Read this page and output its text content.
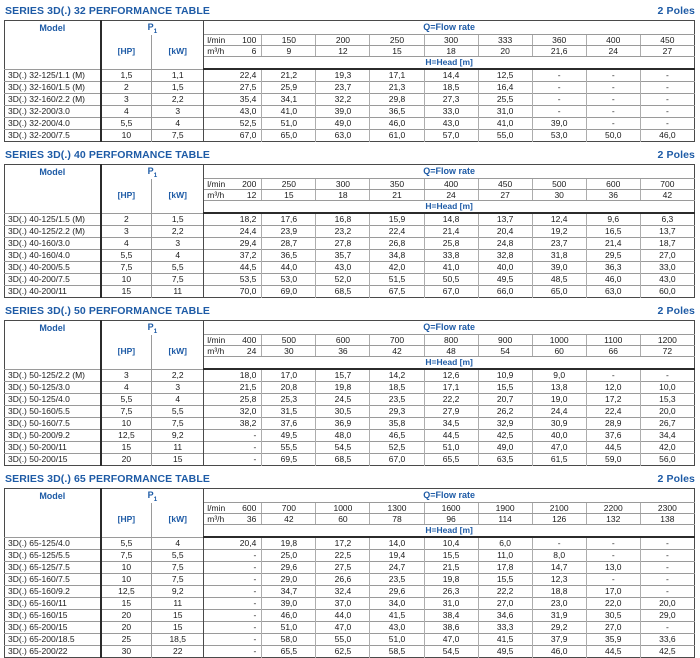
SERIES 3D(.) 32 PERFORMANCE TABLE	2 Poles
Model	$P_1$		Q=Flow rate								
	[HP]	[kW]	l/min 100	150	200	250	300	333	360	400	450

			m³/h 6	9	12	15	18	20	21,6	24	27
			H=Head [m]								
3D(.) 32-125/1.1 (M)	1,5	1,1	22,4	21,2	19,3	17,1	14,4	12,5	-	-	-
3D(.) 32-160/1.5 (M)	2	1,5	27,5	25,9	23,7	21,3	18,5	16,4	-	-	-
3D(.) 32-160/2.2 (M)	3	2,2	35,4	34,1	32,2	29,8	27,3	25,5	-	-	-
3D(.) 32-200/3.0	4	3	43,0	41,0	39,0	36,5	33,0	31,0	-	-	-
3D(.) 32-200/4.0	5,5	4	52,5	51,0	49,0	46,0	43,0	41,0	39,0	-	-
3D(.) 32-200/7.5	10	7,5	67,0	65,0	63,0	61,0	57,0	55,0	53,0	50,0	46,0
SERIES 3D(.) 40 PERFORMANCE TABLE	2 Poles
Model	$P_1$		Q=Flow rate								
	[HP]	[kW]	l/min 200	250	300	350	400	450	500	600	700

			m³/h 12	15	18	21	24	27	30	36	42
			H=Head [m]								
3D(.) 40-125/1.5 (M)	2	1,5	18,2	17,6	16,8	15,9	14,8	13,7	12,4	9,6	6,3
3D(.) 40-125/2.2 (M)	3	2,2	24,4	23,9	23,2	22,4	21,4	20,4	19,2	16,5	13,7
3D(.) 40-160/3.0	4	3	29,4	28,7	27,8	26,8	25,8	24,8	23,7	21,4	18,7
3D(.) 40-160/4.0	5,5	4	37,2	36,5	35,7	34,8	33,8	32,8	31,8	29,5	27,0
3D(.) 40-200/5.5	7,5	5,5	44,5	44,0	43,0	42,0	41,0	40,0	39,0	36,3	33,0
3D(.) 40-200/7.5	10	7,5	53,5	53,0	52,0	51,5	50,5	49,5	48,5	46,0	43,0
3D(.) 40-200/11	15	11	70,0	69,0	68,5	67,5	67,0	66,0	65,0	63,0	60,0
SERIES 3D(.) 50 PERFORMANCE TABLE	2 Poles
Model	$P_1$		Q=Flow rate								
	[HP]	[kW]	l/min 400	500	600	700	800	900	1000	1100	1200

			m³/h 24	30	36	42	48	54	60	66	72
			H=Head [m]								
3D(.) 50-125/2.2 (M)	3	2,2	18,0	17,0	15,7	14,2	12,6	10,9	9,0	-	-
3D(.) 50-125/3.0	4	3	21,5	20,8	19,8	18,5	17,1	15,5	13,8	12,0	10,0
3D(.) 50-125/4.0	5,5	4	25,8	25,3	24,5	23,5	22,2	20,7	19,0	17,2	15,3
3D(.) 50-160/5.5	7,5	5,5	32,0	31,5	30,5	29,3	27,9	26,2	24,4	22,4	20,0
3D(.) 50-160/7.5	10	7,5	38,2	37,6	36,9	35,8	34,5	32,9	30,9	28,9	26,7
3D(.) 50-200/9.2	12,5	9,2	-	49,5	48,0	46,5	44,5	42,5	40,0	37,6	34,4
3D(.) 50-200/11	15	11	-	55,5	54,5	52,5	51,0	49,0	47,0	44,5	42,0
3D(.) 50-200/15	20	15	-	69,5	68,5	67,0	65,5	63,5	61,5	59,0	56,0
SERIES 3D(.) 65 PERFORMANCE TABLE	2 Poles
Model	$P_1$		Q=Flow rate								
	[HP]	[kW]	l/min 600	700	1000	1300	1600	1900	2100	2200	2300

			m³/h 36	42	60	78	96	114	126	132	138
			H=Head [m]								
3D(.) 65-125/4.0	5,5	4	20,4	19,8	17,2	14,0	10,4	6,0	-	-	-
3D(.) 65-125/5.5	7,5	5,5	-	25,0	22,5	19,4	15,5	11,0	8,0	-	-
3D(.) 65-125/7.5	10	7,5	-	29,6	27,5	24,7	21,5	17,8	14,7	13,0	-
3D(.) 65-160/7.5	10	7,5	-	29,0	26,6	23,5	19,8	15,5	12,3	-	-
3D(.) 65-160/9.2	12,5	9,2	-	34,7	32,4	29,6	26,3	22,2	18,8	17,0	-
3D(.) 65-160/11	15	11	-	39,0	37,0	34,0	31,0	27,0	23,0	22,0	20,0
3D(.) 65-160/15	20	15	-	46,0	44,0	41,5	38,4	34,6	31,9	30,5	29,0
3D(.) 65-200/15	20	15	-	51,0	47,0	43,0	38,6	33,3	29,2	27,0	-
3D(.) 65-200/18.5	25	18,5	-	58,0	55,0	51,0	47,0	41,5	37,9	35,9	33,6
3D(.) 65-200/22	30	22	-	65,5	62,5	58,5	54,5	49,5	46,0	44,5	42,5
